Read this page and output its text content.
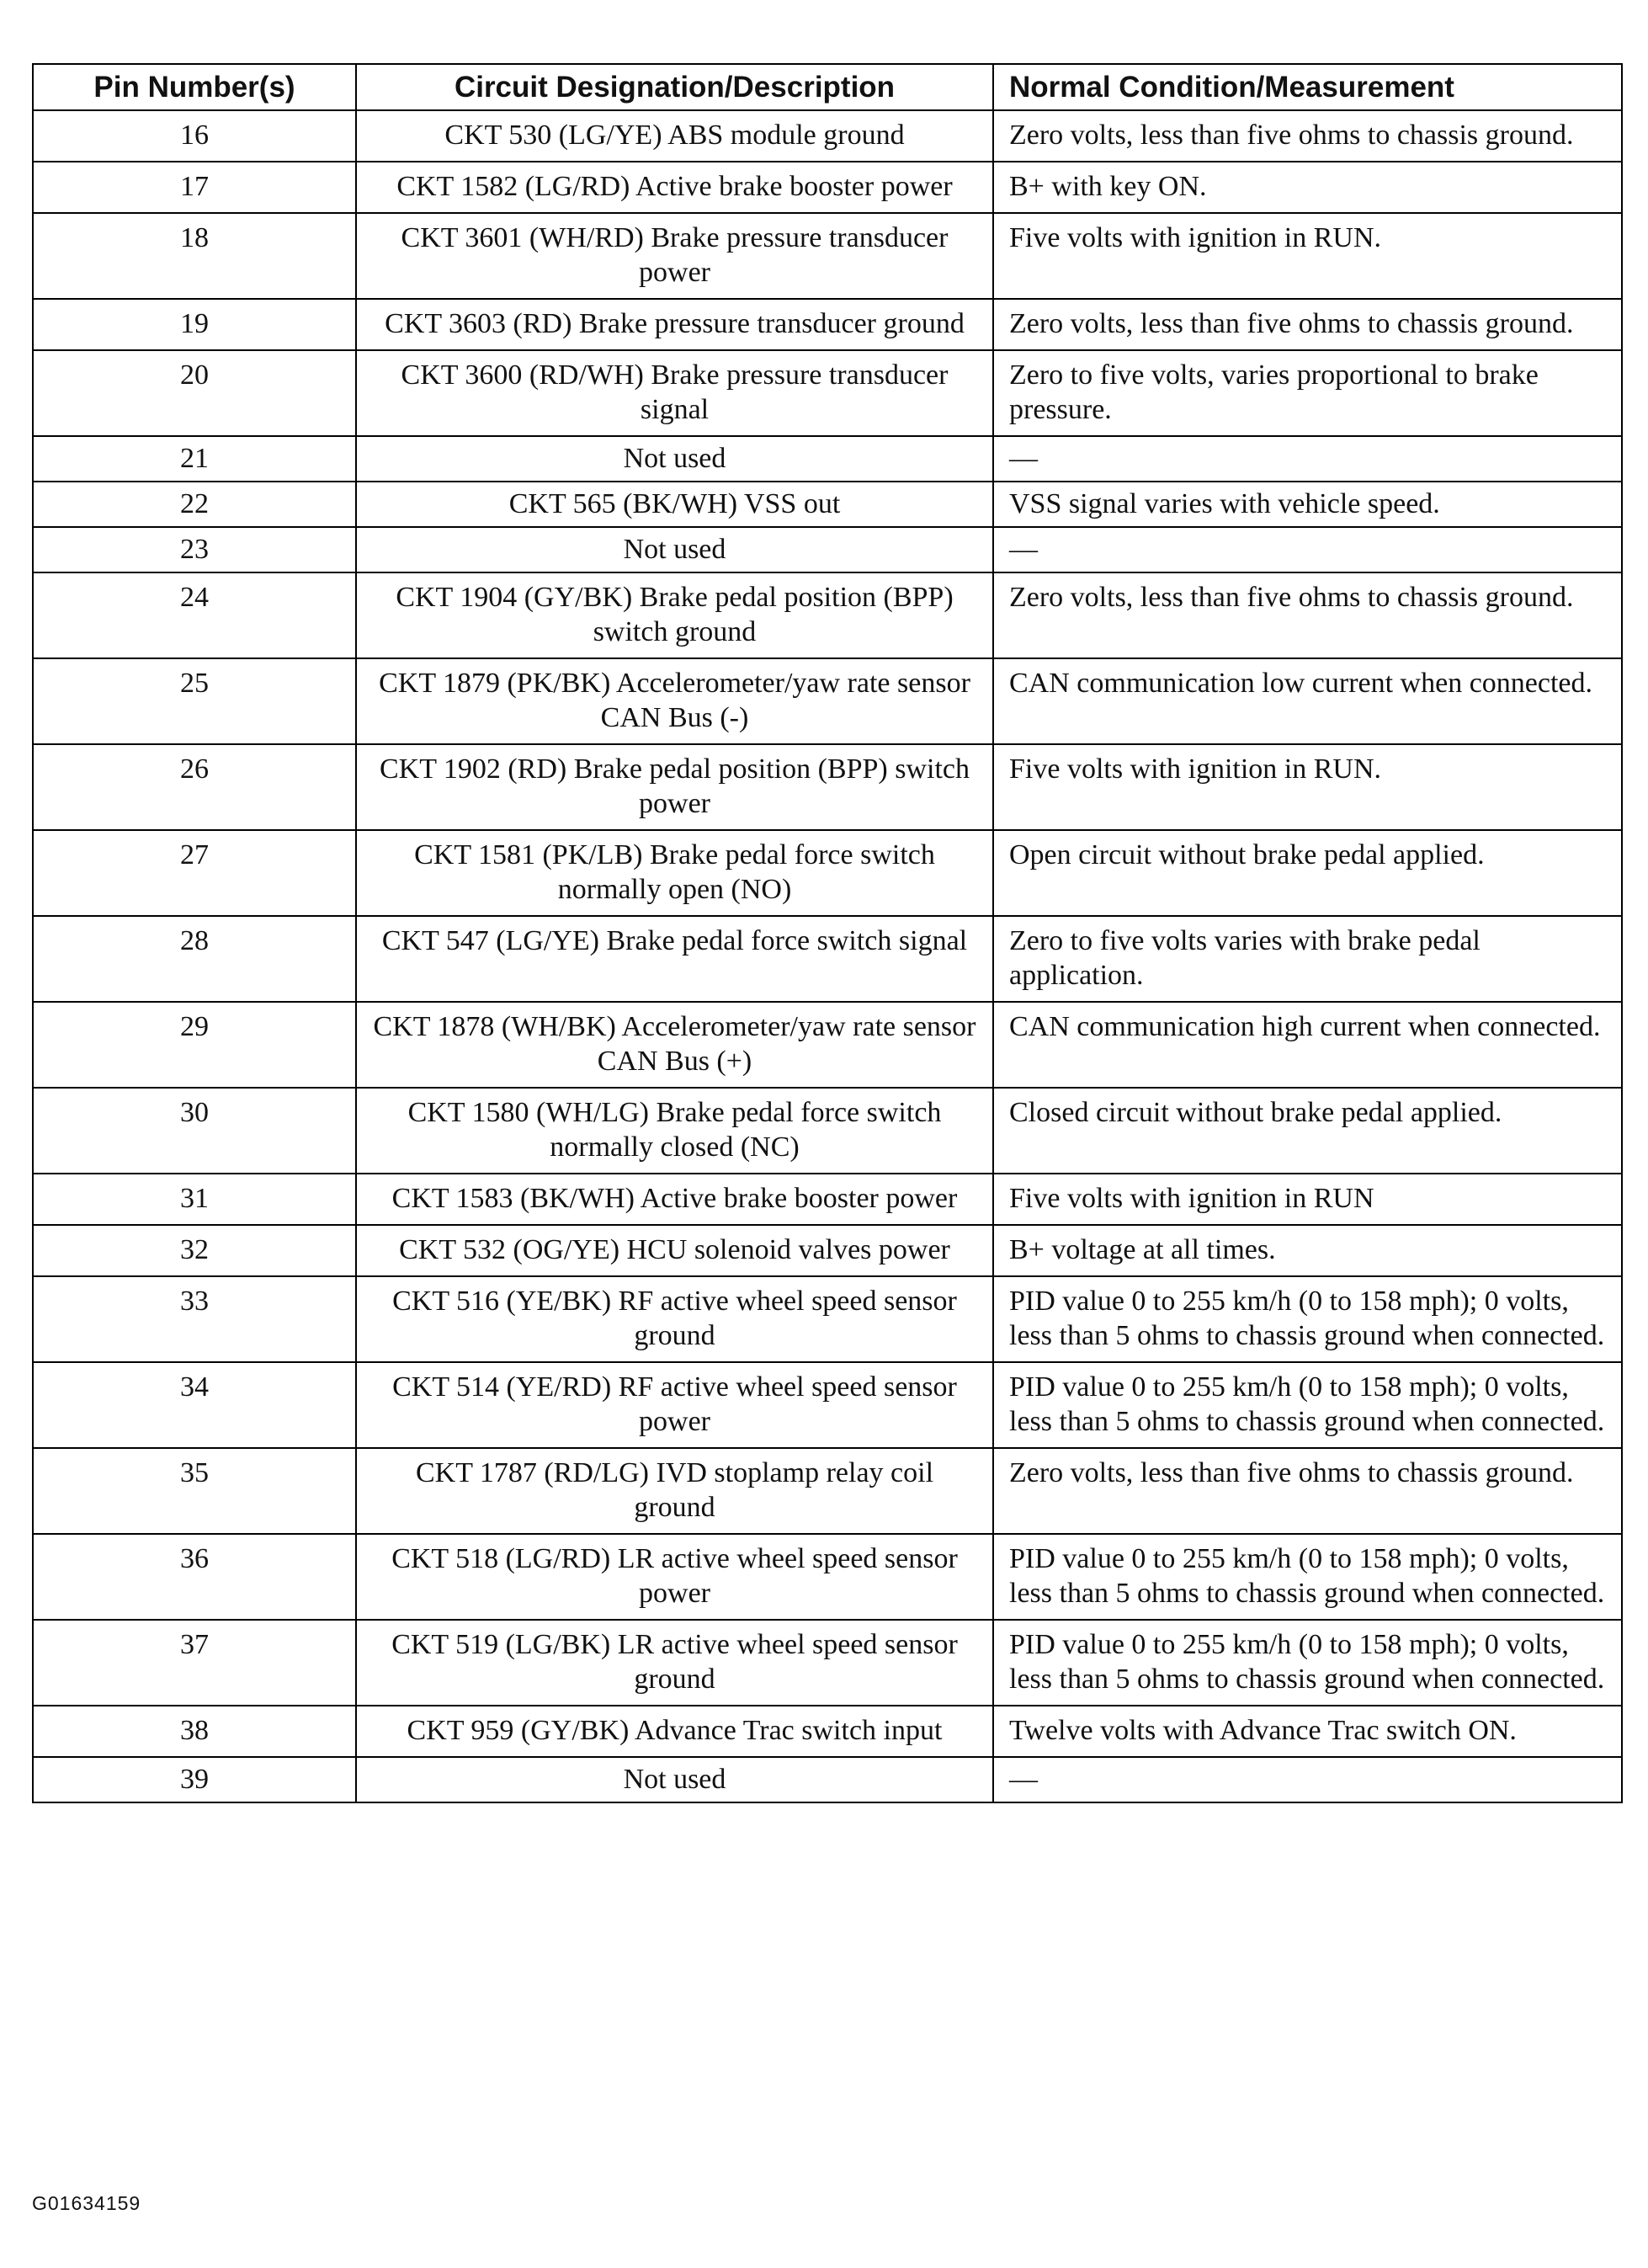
Pin Number(s)	Circuit Designation/Description	Normal Condition/Measurement
16	CKT 530 (LG/YE) ABS module ground	Zero volts, less than five ohms to chassis ground.
17	CKT 1582 (LG/RD) Active brake booster power	B+ with key ON.
18	CKT 3601 (WH/RD) Brake pressure transducer power	Five volts with ignition in RUN.
19	CKT 3603 (RD) Brake pressure transducer ground	Zero volts, less than five ohms to chassis ground.
20	CKT 3600 (RD/WH) Brake pressure transducer signal	Zero to five volts, varies proportional to brake pressure.
21	Not used	—
22	CKT 565 (BK/WH) VSS out	VSS signal varies with vehicle speed.
23	Not used	—
24	CKT 1904 (GY/BK) Brake pedal position (BPP) switch ground	Zero volts, less than five ohms to chassis ground.
25	CKT 1879 (PK/BK) Accelerometer/yaw rate sensor CAN Bus (-)	CAN communication low current when connected.
26	CKT 1902 (RD) Brake pedal position (BPP) switch power	Five volts with ignition in RUN.
27	CKT 1581 (PK/LB) Brake pedal force switch normally open (NO)	Open circuit without brake pedal applied.
28	CKT 547 (LG/YE) Brake pedal force switch signal	Zero to five volts varies with brake pedal application.
29	CKT 1878 (WH/BK) Accelerometer/yaw rate sensor CAN Bus (+)	CAN communication high current when connected.
30	CKT 1580 (WH/LG) Brake pedal force switch normally closed (NC)	Closed circuit without brake pedal applied.
31	CKT 1583 (BK/WH) Active brake booster power	Five volts with ignition in RUN
32	CKT 532 (OG/YE) HCU solenoid valves power	B+ voltage at all times.
33	CKT 516 (YE/BK) RF active wheel speed sensor ground	PID value 0 to 255 km/h (0 to 158 mph); 0 volts, less than 5 ohms to chassis ground when connected.
34	CKT 514 (YE/RD) RF active wheel speed sensor power	PID value 0 to 255 km/h (0 to 158 mph); 0 volts, less than 5 ohms to chassis ground when connected.
35	CKT 1787 (RD/LG) IVD stoplamp relay coil ground	Zero volts, less than five ohms to chassis ground.
36	CKT 518 (LG/RD) LR active wheel speed sensor power	PID value 0 to 255 km/h (0 to 158 mph); 0 volts, less than 5 ohms to chassis ground when connected.
37	CKT 519 (LG/BK) LR active wheel speed sensor ground	PID value 0 to 255 km/h (0 to 158 mph); 0 volts, less than 5 ohms to chassis ground when connected.
38	CKT 959 (GY/BK) Advance Trac switch input	Twelve volts with Advance Trac switch ON.
39	Not used	—
G01634159
